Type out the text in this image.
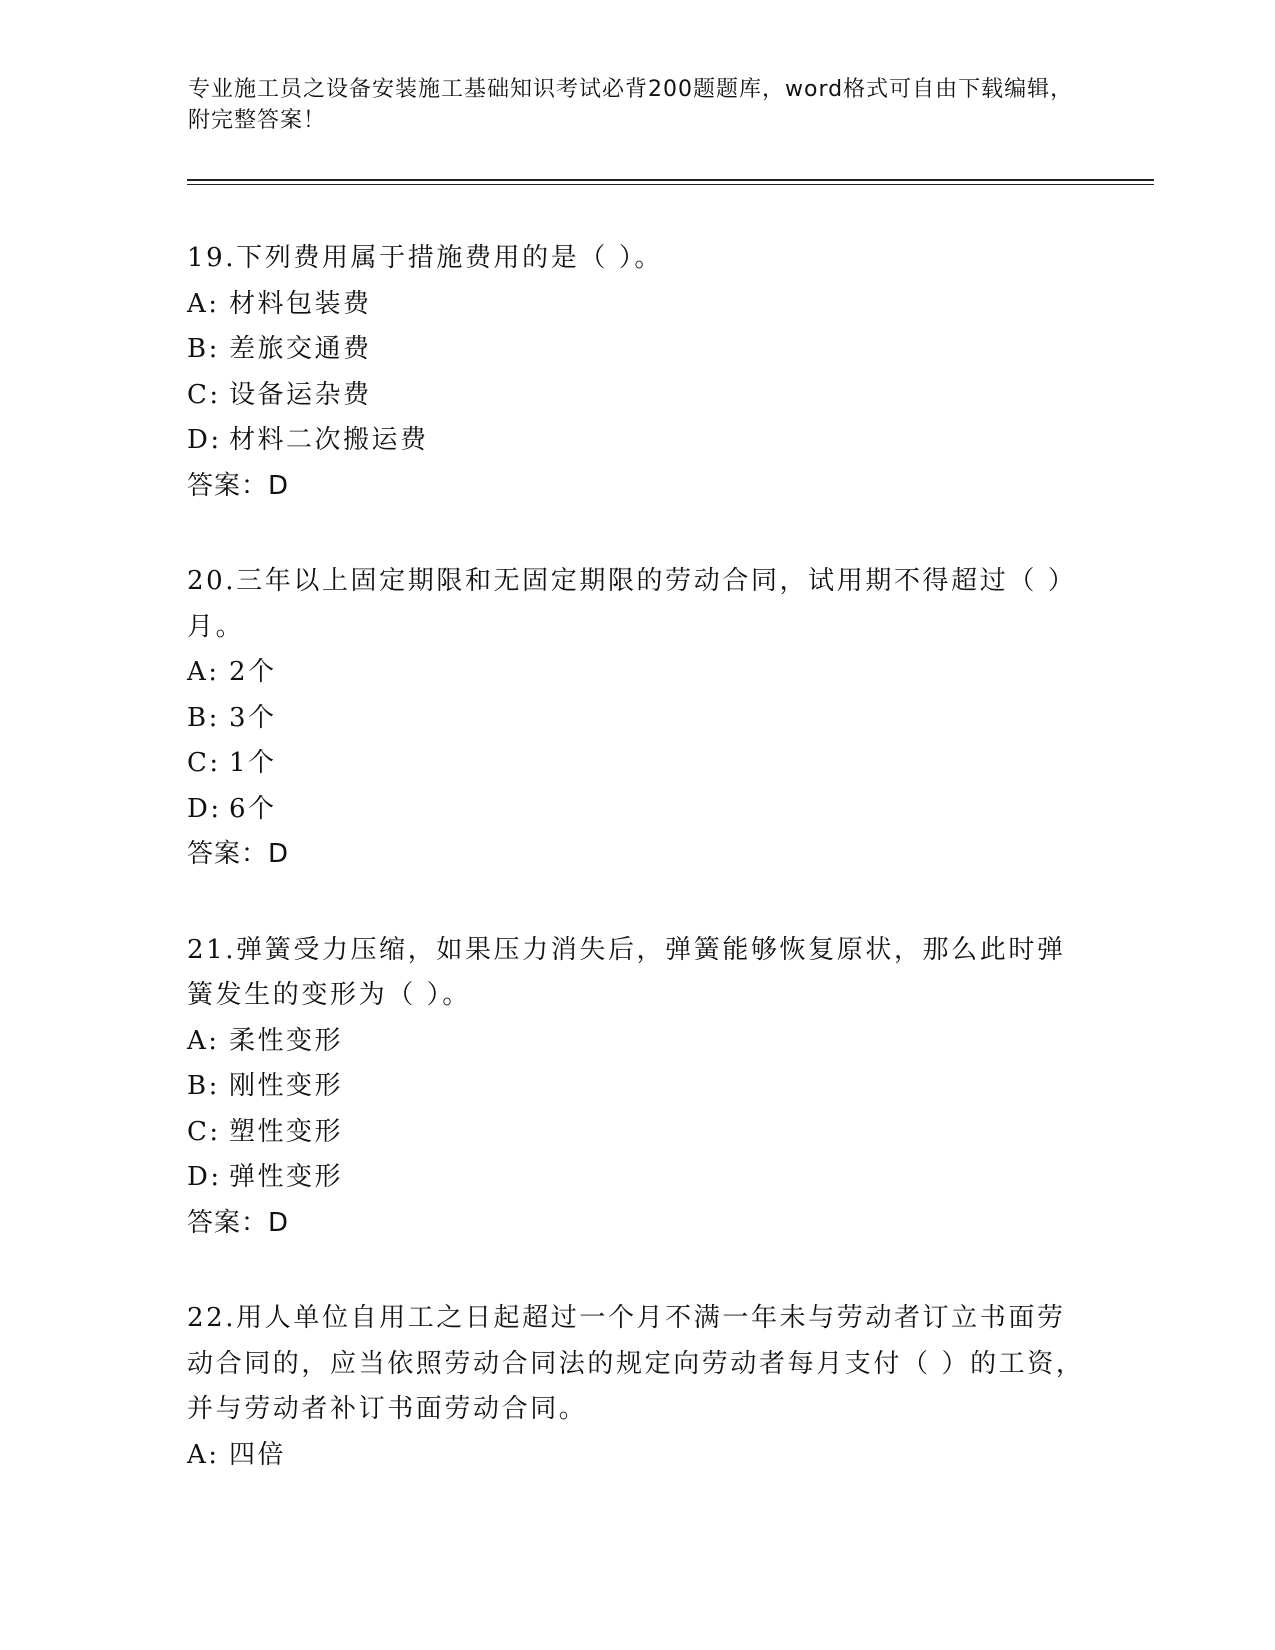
专业施工员之设备安装施工基础知识考试必背200题题库，word格式可自由下载编辑，附完整答案！
19.下列费用属于措施费用的是（ ）。
A: 材料包装费
B: 差旅交通费
C: 设备运杂费
D: 材料二次搬运费
答案：D
20.三年以上固定期限和无固定期限的劳动合同，试用期不得超过（ ）月。
A: 2个
B: 3个
C: 1个
D: 6个
答案：D
21.弹簧受力压缩，如果压力消失后，弹簧能够恢复原状，那么此时弹簧发生的变形为（ ）。
A: 柔性变形
B: 刚性变形
C: 塑性变形
D: 弹性变形
答案：D
22.用人单位自用工之日起超过一个月不满一年未与劳动者订立书面劳动合同的，应当依照劳动合同法的规定向劳动者每月支付（ ）的工资，并与劳动者补订书面劳动合同。
A: 四倍
